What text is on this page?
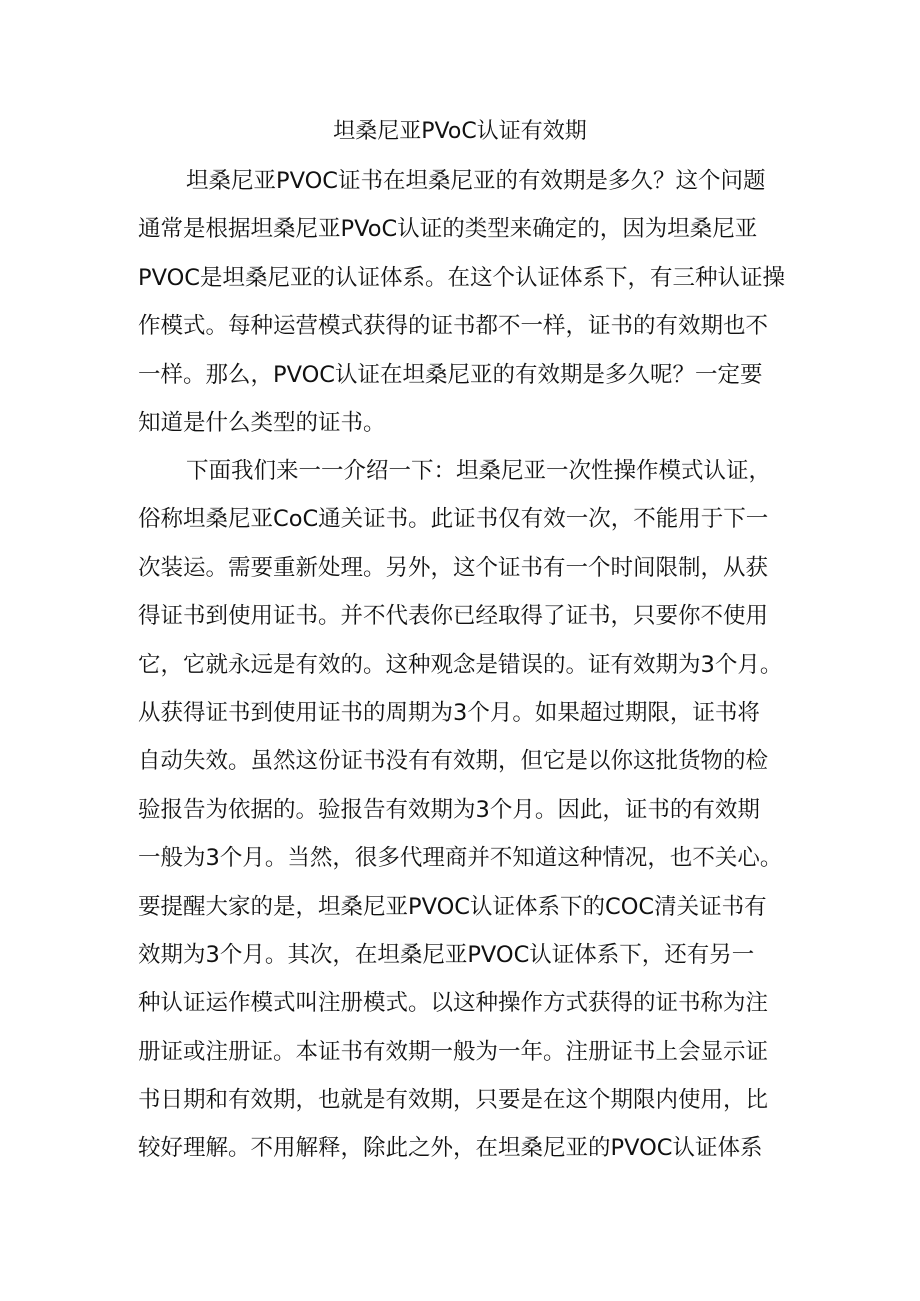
坦桑尼亚PVoC认证有效期
坦桑尼亚PVOC证书在坦桑尼亚的有效期是多久？这个问题
通常是根据坦桑尼亚PVoC认证的类型来确定的，因为坦桑尼亚
PVOC是坦桑尼亚的认证体系。在这个认证体系下，有三种认证操
作模式。每种运营模式获得的证书都不一样，证书的有效期也不
一样。那么，PVOC认证在坦桑尼亚的有效期是多久呢？一定要
知道是什么类型的证书。
下面我们来一一介绍一下：坦桑尼亚一次性操作模式认证，
俗称坦桑尼亚CoC通关证书。此证书仅有效一次，不能用于下一
次装运。需要重新处理。另外，这个证书有一个时间限制，从获
得证书到使用证书。并不代表你已经取得了证书，只要你不使用
它，它就永远是有效的。这种观念是错误的。证有效期为3个月。
从获得证书到使用证书的周期为3个月。如果超过期限，证书将
自动失效。虽然这份证书没有有效期，但它是以你这批货物的检
验报告为依据的。验报告有效期为3个月。因此，证书的有效期
一般为3个月。当然，很多代理商并不知道这种情况，也不关心。
要提醒大家的是，坦桑尼亚PVOC认证体系下的COC清关证书有
效期为3个月。其次，在坦桑尼亚PVOC认证体系下，还有另一
种认证运作模式叫注册模式。以这种操作方式获得的证书称为注
册证或注册证。本证书有效期一般为一年。注册证书上会显示证
书日期和有效期，也就是有效期，只要是在这个期限内使用，比
较好理解。不用解释，除此之外，在坦桑尼亚的PVOC认证体系
